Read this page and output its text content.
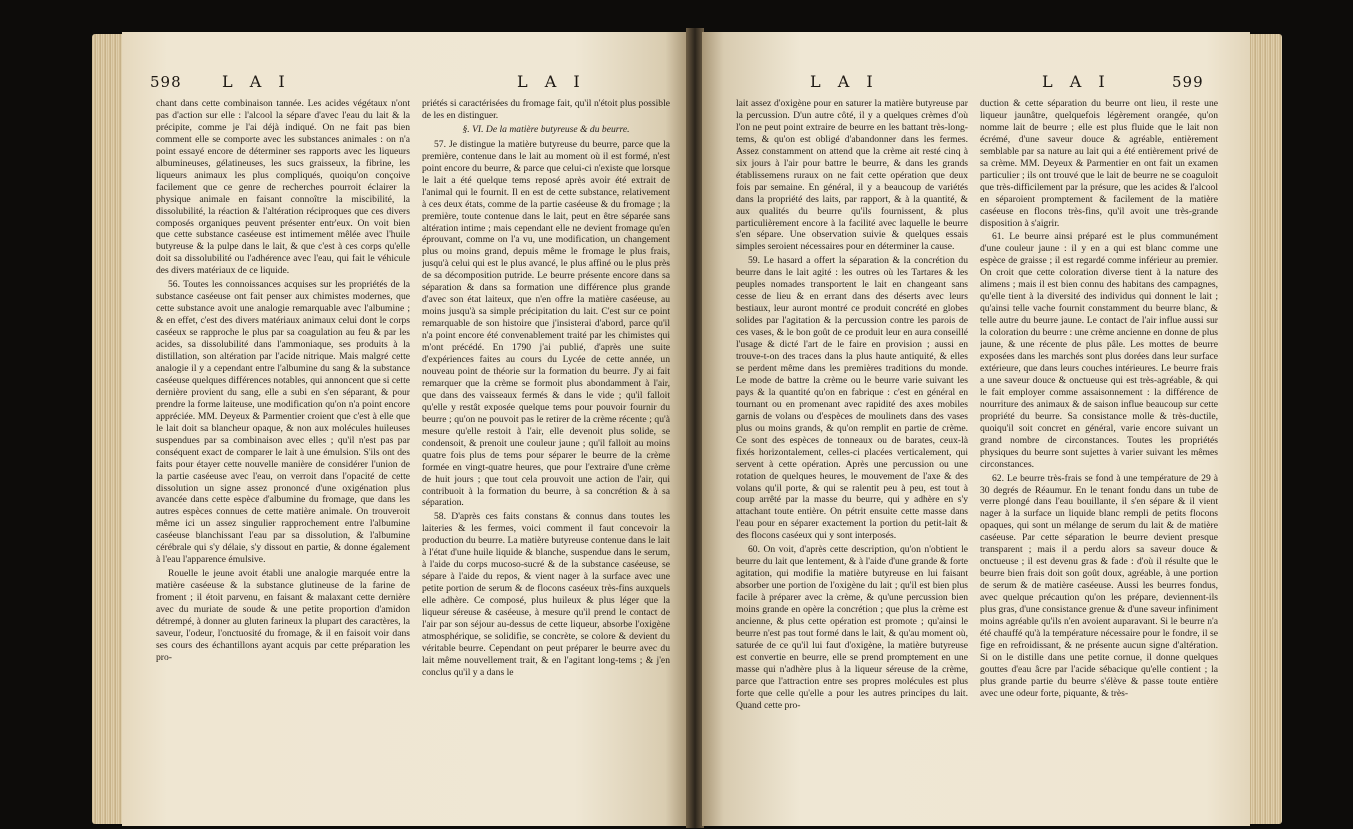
598	L A I	L A I

chant dans cette combinaison tannée. Les acides végétaux n'ont pas d'action sur elle : l'alcool la sépare d'avec l'eau du lait & la précipite, comme je l'ai déjà indiqué. On ne fait pas bien comment elle se comporte avec les substances animales : on n'a point essayé encore de déterminer ses rapports avec les liqueurs albumineuses, gélatineuses, les sucs graisseux, la fibrine, les liqueurs animaux les plus compliqués, quoiqu'on conçoive facilement que ce genre de recherches pourroit éclairer la physique animale en faisant connoître la miscibilité, la dissolubilité, la réaction & l'altération réciproques que ces divers composés organiques peuvent présenter entr'eux. On voit bien que cette substance caséeuse est intimement mêlée avec l'huile butyreuse & la pulpe dans le lait, & que c'est à ces corps qu'elle doit sa dissolubilité ou l'adhérence avec l'eau, qui fait le véhicule des divers matériaux de ce liquide.

56. Toutes les connoissances acquises sur les propriétés de la substance caséeuse ont fait penser aux chimistes modernes, que cette substance avoit une analogie remarquable avec l'albumine ; & en effet, c'est des divers matériaux animaux celui dont le corps caséeux se rapproche le plus par sa coagulation au feu & par les acides, sa dissolubilité dans l'ammoniaque, ses produits à la distillation, son altération par l'acide nitrique. Mais malgré cette analogie il y a cependant entre l'albumine du sang & la substance caséeuse quelques différences notables, qui annoncent que si cette dernière provient du sang, elle a subi en s'en séparant, & pour prendre la forme laiteuse, une modification qu'on n'a point encore appréciée. MM. Deyeux & Parmentier croient que c'est à elle que le lait doit sa blancheur opaque, & non aux molécules huileuses suspendues par sa combinaison avec elles ; qu'il n'est pas par conséquent exact de comparer le lait à une émulsion. S'ils ont des faits pour étayer cette nouvelle manière de considérer l'union de la partie caséeuse avec l'eau, on verroit dans l'opacité de cette dissolution un signe assez prononcé d'une oxigénation plus avancée dans cette espèce d'albumine du fromage, que dans les autres espèces connues de cette matière animale. On trouveroit même ici un assez singulier rapprochement entre l'albumine caséeuse blanchissant l'eau par sa dissolution, & l'albumine cérébrale qui s'y délaie, s'y dissout en partie, & donne également à l'eau l'apparence émulsive.

Rouelle le jeune avoit établi une analogie marquée entre la matière caséeuse & la substance glutineuse de la farine de froment ; il étoit parvenu, en faisant & malaxant cette dernière avec du muriate de soude & une petite proportion d'amidon détrempé, à donner au gluten farineux la plupart des caractères, la saveur, l'odeur, l'onctuosité du fromage, & il en faisoit voir dans ses cours des échantillons ayant acquis par cette préparation les pro-

priétés si caractérisées du fromage fait, qu'il n'étoit plus possible de les en distinguer.

§. VI. De la matière butyreuse & du beurre.

57. Je distingue la matière butyreuse du beurre, parce que la première, contenue dans le lait au moment où il est formé, n'est point encore du beurre, & parce que celui-ci n'existe que lorsque le lait a été quelque tems reposé après avoir été extrait de l'animal qui le fournit. Il en est de cette substance, relativement à ces deux états, comme de la partie caséeuse & du fromage ; la première, toute contenue dans le lait, peut en être séparée sans altération intime ; mais cependant elle ne devient fromage qu'en éprouvant, comme on l'a vu, une modification, un changement plus ou moins grand, depuis même le fromage le plus frais, jusqu'à celui qui est le plus avancé, le plus affiné ou le plus près de sa décomposition putride. Le beurre présente encore dans sa séparation & dans sa formation une différence plus grande d'avec son état laiteux, que n'en offre la matière caséeuse, au moins jusqu'à sa simple précipitation du lait. C'est sur ce point remarquable de son histoire que j'insisterai d'abord, parce qu'il n'a point encore été convenablement traité par les chimistes qui m'ont précédé. En 1790 j'ai publié, d'après une suite d'expériences faites au cours du Lycée de cette année, un nouveau point de théorie sur la formation du beurre. J'y ai fait remarquer que la crème se formoit plus abondamment à l'air, que dans des vaisseaux fermés & dans le vide ; qu'il falloit qu'elle y restât exposée quelque tems pour pouvoir fournir du beurre ; qu'on ne pouvoit pas le retirer de la crème récente ; qu'à mesure qu'elle restoit à l'air, elle devenoit plus solide, se condensoit, & prenoit une couleur jaune ; qu'il falloit au moins quatre fois plus de tems pour séparer le beurre de la crème formée en vingt-quatre heures, que pour l'extraire d'une crème de huit jours ; que tout cela prouvoit une action de l'air, qui contribuoit à la formation du beurre, à sa concrétion & à sa séparation.

58. D'après ces faits constans & connus dans toutes les laiteries & les fermes, voici comment il faut concevoir la production du beurre. La matière butyreuse contenue dans le lait à l'état d'une huile liquide & blanche, suspendue dans le serum, à l'aide du corps mucoso-sucré & de la substance caséeuse, se sépare à l'aide du repos, & vient nager à la surface avec une petite portion de serum & de flocons caséeux très-fins auxquels elle adhère. Ce composé, plus huileux & plus léger que la liqueur séreuse & caséeuse, à mesure qu'il prend le contact de l'air par son séjour au-dessus de cette liqueur, absorbe l'oxigène atmosphérique, se solidifie, se concrète, se colore & devient du véritable beurre. Cependant on peut préparer le beurre avec du lait même nouvellement trait, & en l'agitant long-tems ; & j'en conclus qu'il y a dans le

L A I	L A I	599

lait assez d'oxigène pour en saturer la matière butyreuse par la percussion. D'un autre côté, il y a quelques crèmes d'où l'on ne peut point extraire de beurre en les battant très-long-tems, & qu'on est obligé d'abandonner dans les fermes. Assez constamment on attend que la crème ait resté cinq à six jours à l'air pour battre le beurre, & dans les grands établissemens ruraux on ne fait cette opération que deux fois par semaine. En général, il y a beaucoup de variétés dans la propriété des laits, par rapport, & à la quantité, & aux qualités du beurre qu'ils fournissent, & plus particulièrement encore à la facilité avec laquelle le beurre s'en sépare. Une observation suivie & quelques essais simples seroient nécessaires pour en déterminer la cause.

59. Le hasard a offert la séparation & la concrétion du beurre dans le lait agité : les outres où les Tartares & les peuples nomades transportent le lait en changeant sans cesse de lieu & en errant dans des déserts avec leurs bestiaux, leur auront montré ce produit concrété en globes solides par l'agitation & la percussion contre les parois de ces vases, & le bon goût de ce produit leur en aura conseillé l'usage & dicté l'art de le faire en provision ; aussi en trouve-t-on des traces dans la plus haute antiquité, & elles se perdent même dans les premières traditions du monde. Le mode de battre la crème ou le beurre varie suivant les pays & la quantité qu'on en fabrique : c'est en général en tournant ou en promenant avec rapidité des axes mobiles garnis de volans ou d'espèces de moulinets dans des vases plus ou moins grands, & qu'on remplit en partie de crème. Ce sont des espèces de tonneaux ou de barates, ceux-là fixés horizontalement, celles-ci placées verticalement, qui servent à cette opération. Après une percussion ou une rotation de quelques heures, le mouvement de l'axe & des volans qu'il porte, & qui se ralentit peu à peu, est tout à coup arrêté par la masse du beurre, qui y adhère en s'y attachant toute entière. On pétrit ensuite cette masse dans l'eau pour en séparer exactement la portion du petit-lait & des flocons caséeux qui y sont interposés.

60. On voit, d'après cette description, qu'on n'obtient le beurre du lait que lentement, & à l'aide d'une grande & forte agitation, qui modifie la matière butyreuse en lui faisant absorber une portion de l'oxigène du lait ; qu'il est bien plus facile à préparer avec la crème, & qu'une percussion bien moins grande en opère la concrétion ; que plus la crème est ancienne, & plus cette opération est promote ; qu'ainsi le beurre n'est pas tout formé dans le lait, & qu'au moment où, saturée de ce qu'il lui faut d'oxigène, la matière butyreuse est convertie en beurre, elle se prend promptement en une masse qui n'adhère plus à la liqueur séreuse de la crème, parce que l'attraction entre ses propres molécules est plus forte que celle qu'elle a pour les autres principes du lait. Quand cette pro-

duction & cette séparation du beurre ont lieu, il reste une liqueur jaunâtre, quelquefois légèrement orangée, qu'on nomme lait de beurre ; elle est plus fluide que le lait non écrémé, d'une saveur douce & agréable, entièrement semblable par sa nature au lait qui a été entièrement privé de sa crème. MM. Deyeux & Parmentier en ont fait un examen particulier ; ils ont trouvé que le lait de beurre ne se coaguloit que très-difficilement par la présure, que les acides & l'alcool en séparoient promptement & facilement de la matière caséeuse en flocons très-fins, qu'il avoit une très-grande disposition à s'aigrir.

61. Le beurre ainsi préparé est le plus communément d'une couleur jaune : il y en a qui est blanc comme une espèce de graisse ; il est regardé comme inférieur au premier. On croit que cette coloration diverse tient à la nature des alimens ; mais il est bien connu des habitans des campagnes, qu'elle tient à la diversité des individus qui donnent le lait ; qu'ainsi telle vache fournit constamment du beurre blanc, & telle autre du beurre jaune. Le contact de l'air influe aussi sur la coloration du beurre : une crème ancienne en donne de plus jaune, & une récente de plus pâle. Les mottes de beurre exposées dans les marchés sont plus dorées dans leur surface extérieure, que dans leurs couches intérieures. Le beurre frais a une saveur douce & onctueuse qui est très-agréable, & qui le fait employer comme assaisonnement : la différence de nourriture des animaux & de saison influe beaucoup sur cette propriété du beurre. Sa consistance molle & très-ductile, quoiqu'il soit concret en général, varie encore suivant un grand nombre de circonstances. Toutes les propriétés physiques du beurre sont sujettes à varier suivant les mêmes circonstances.

62. Le beurre très-frais se fond à une température de 29 à 30 degrés de Réaumur. En le tenant fondu dans un tube de verre plongé dans l'eau bouillante, il s'en sépare & il vient nager à la surface un liquide blanc rempli de petits flocons opaques, qui sont un mélange de serum du lait & de matière caséeuse. Par cette séparation le beurre devient presque transparent ; mais il a perdu alors sa saveur douce & onctueuse ; il est devenu gras & fade : d'où il résulte que le beurre bien frais doit son goût doux, agréable, à une portion de serum & de matière caséeuse. Aussi les beurres fondus, avec quelque précaution qu'on les prépare, deviennent-ils plus gras, d'une consistance grenue & d'une saveur infiniment moins agréable qu'ils n'en avoient auparavant. Si le beurre n'a été chauffé qu'à la température nécessaire pour le fondre, il se fige en refroidissant, & ne présente aucun signe d'altération. Si on le distille dans une petite cornue, il donne quelques gouttes d'eau âcre par l'acide sébacique qu'elle contient ; la plus grande partie du beurre s'élève & passe toute entière avec une odeur forte, piquante, & très-
